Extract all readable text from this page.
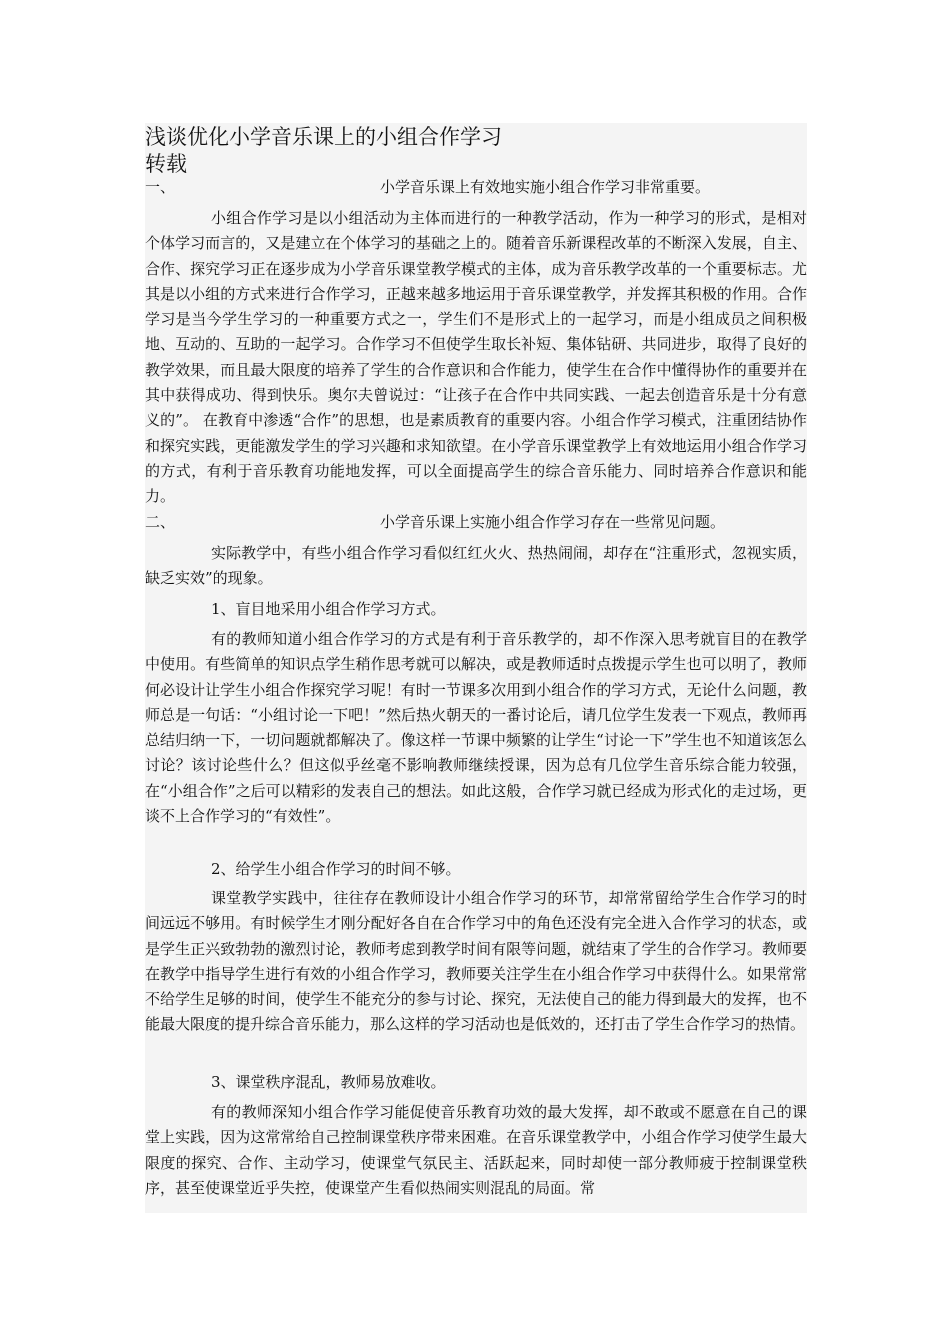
浅谈优化小学音乐课上的小组合作学习
转载
一、	小学音乐课上有效地实施小组合作学习非常重要。

小组合作学习是以小组活动为主体而进行的一种教学活动，作为一种学习的形式，是相对个体学习而言的，又是建立在个体学习的基础之上的。随着音乐新课程改革的不断深入发展，自主、合作、探究学习正在逐步成为小学音乐课堂教学模式的主体，成为音乐教学改革的一个重要标志。尤其是以小组的方式来进行合作学习，正越来越多地运用于音乐课堂教学，并发挥其积极的作用。合作学习是当今学生学习的一种重要方式之一，学生们不是形式上的一起学习，而是小组成员之间积极地、互动的、互助的一起学习。合作学习不但使学生取长补短、集体钻研、共同进步，取得了良好的教学效果，而且最大限度的培养了学生的合作意识和合作能力，使学生在合作中懂得协作的重要并在其中获得成功、得到快乐。奥尔夫曾说过：“让孩子在合作中共同实践、一起去创造音乐是十分有意义的”。 在教育中渗透“合作”的思想，也是素质教育的重要内容。小组合作学习模式，注重团结协作和探究实践，更能激发学生的学习兴趣和求知欲望。在小学音乐课堂教学上有效地运用小组合作学习的方式，有利于音乐教育功能地发挥，可以全面提高学生的综合音乐能力、同时培养合作意识和能力。

二、	小学音乐课上实施小组合作学习存在一些常见问题。

实际教学中，有些小组合作学习看似红红火火、热热闹闹，却存在“注重形式，忽视实质，缺乏实效”的现象。

1、盲目地采用小组合作学习方式。

有的教师知道小组合作学习的方式是有利于音乐教学的，却不作深入思考就盲目的在教学中使用。有些简单的知识点学生稍作思考就可以解决，或是教师适时点拨提示学生也可以明了，教师何必设计让学生小组合作探究学习呢！有时一节课多次用到小组合作的学习方式，无论什么问题，教师总是一句话：“小组讨论一下吧！”然后热火朝天的一番讨论后，请几位学生发表一下观点，教师再总结归纳一下，一切问题就都解决了。像这样一节课中频繁的让学生“讨论一下”学生也不知道该怎么讨论？该讨论些什么？但这似乎丝毫不影响教师继续授课，因为总有几位学生音乐综合能力较强，在“小组合作”之后可以精彩的发表自己的想法。如此这般，合作学习就已经成为形式化的走过场，更谈不上合作学习的“有效性”。

2、给学生小组合作学习的时间不够。

课堂教学实践中，往往存在教师设计小组合作学习的环节，却常常留给学生合作学习的时间远远不够用。有时候学生才刚分配好各自在合作学习中的角色还没有完全进入合作学习的状态，或是学生正兴致勃勃的激烈讨论，教师考虑到教学时间有限等问题，就结束了学生的合作学习。教师要在教学中指导学生进行有效的小组合作学习，教师要关注学生在小组合作学习中获得什么。如果常常不给学生足够的时间，使学生不能充分的参与讨论、探究，无法使自己的能力得到最大的发挥，也不能最大限度的提升综合音乐能力，那么这样的学习活动也是低效的，还打击了学生合作学习的热情。

3、课堂秩序混乱，教师易放难收。

有的教师深知小组合作学习能促使音乐教育功效的最大发挥，却不敢或不愿意在自己的课堂上实践，因为这常常给自己控制课堂秩序带来困难。在音乐课堂教学中，小组合作学习使学生最大限度的探究、合作、主动学习，使课堂气氛民主、活跃起来，同时却使一部分教师疲于控制课堂秩序，甚至使课堂近乎失控，使课堂产生看似热闹实则混乱的局面。常
